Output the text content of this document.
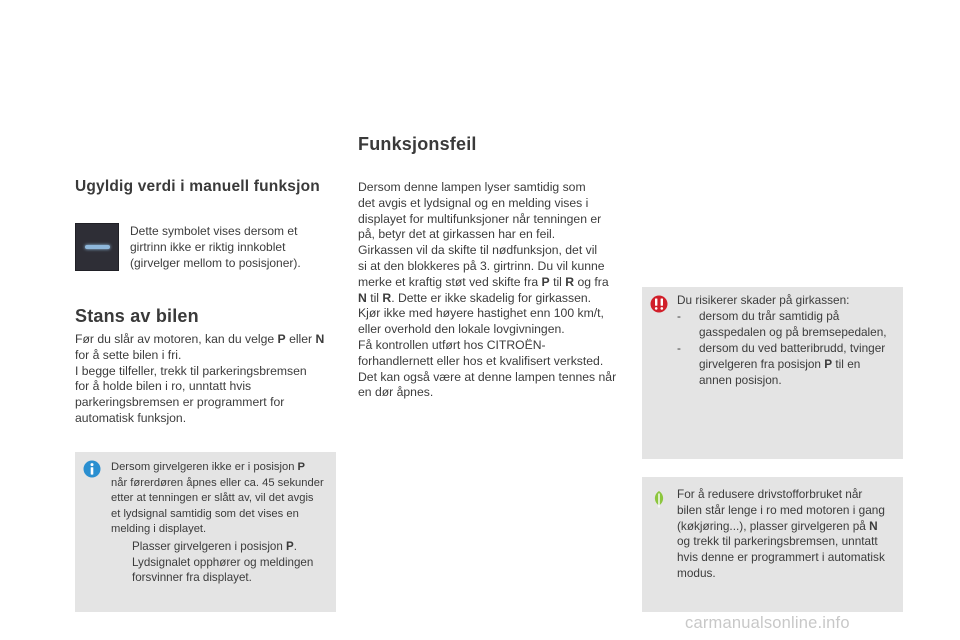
Ugyldig verdi i manuell funksjon
Dette symbolet vises dersom et
girtrinn ikke er riktig innkoblet
(girvelger mellom to posisjoner).
Stans av bilen
Før du slår av motoren, kan du velge P eller N
for å sette bilen i fri.
I begge tilfeller, trekk til parkeringsbremsen
for å holde bilen i ro, unntatt hvis
parkeringsbremsen er programmert for
automatisk funksjon.
Dersom girvelgeren ikke er i posisjon P
når førerdøren åpnes eller ca. 45 sekunder
etter at tenningen er slått av, vil det avgis
et lydsignal samtidig som det vises en
melding i displayet.
Plasser girvelgeren i posisjon P.
Lydsignalet opphører og meldingen
forsvinner fra displayet.
Funksjonsfeil
Dersom denne lampen lyser samtidig som
det avgis et lydsignal og en melding vises i
displayet for multifunksjoner når tenningen er
på, betyr det at girkassen har en feil.
Girkassen vil da skifte til nødfunksjon, det vil
si at den blokkeres på 3. girtrinn. Du vil kunne
merke et kraftig støt ved skifte fra P til R og fra
N til R. Dette er ikke skadelig for girkassen.
Kjør ikke med høyere hastighet enn 100 km/t,
eller overhold den lokale lovgivningen.
Få kontrollen utført hos CITROËN-
forhandlernett eller hos et kvalifisert verksted.
Det kan også være at denne lampen tennes når
en dør åpnes.
Du risikerer skader på girkassen:
- dersom du trår samtidig på
gasspedalen og på bremsepedalen,
- dersom du ved batteribrudd, tvinger
girvelgeren fra posisjon P til en
annen posisjon.
For å redusere drivstofforbruket når
bilen står lenge i ro med motoren i gang
(køkjøring...), plasser girvelgeren på N
og trekk til parkeringsbremsen, unntatt
hvis denne er programmert i automatisk
modus.
carmanualsonline.info
